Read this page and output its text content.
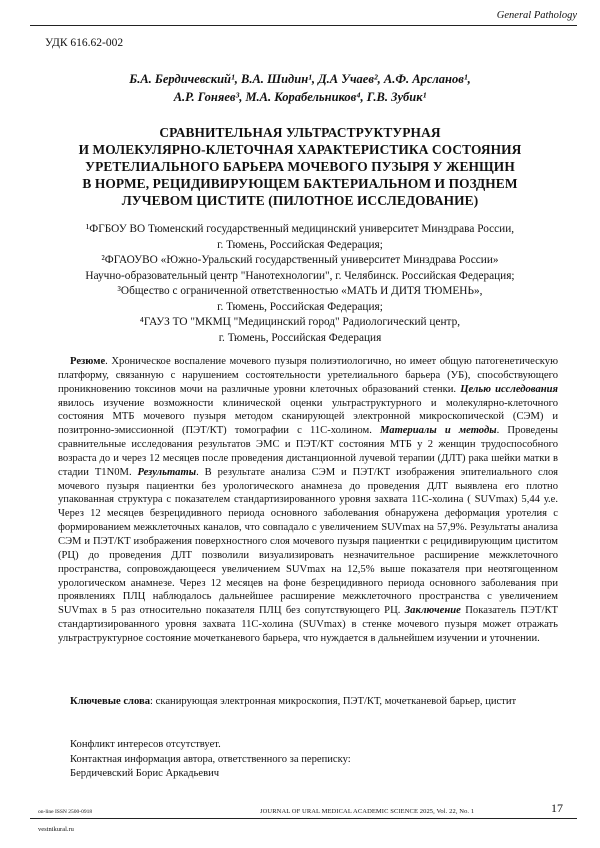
General Pathology
УДК 616.62-002
Б.А. Бердичевский¹, В.А. Шидин¹, Д.А Учаев², А.Ф. Арсланов¹,
А.Р. Гоняев³, М.А. Корабельников⁴, Г.В. Зубик¹
СРАВНИТЕЛЬНАЯ УЛЬТРАСТРУКТУРНАЯ
И МОЛЕКУЛЯРНО-КЛЕТОЧНАЯ ХАРАКТЕРИСТИКА СОСТОЯНИЯ
УРЕТЕЛИАЛЬНОГО БАРЬЕРА МОЧЕВОГО ПУЗЫРЯ У ЖЕНЩИН
В НОРМЕ, РЕЦИДИВИРУЮЩЕМ БАКТЕРИАЛЬНОМ И ПОЗДНЕМ
ЛУЧЕВОМ ЦИСТИТЕ (ПИЛОТНОЕ ИССЛЕДОВАНИЕ)
¹ФГБОУ ВО Тюменский государственный медицинский университет Минздрава России,
г. Тюмень, Российская Федерация;
²ФГАОУВО «Южно-Уральский государственный университет Минздрава России»
Научно-образовательный центр "Нанотехнологии", г. Челябинск. Российская Федерация;
³Общество с ограниченной ответственностью «МАТЬ И ДИТЯ ТЮМЕНЬ»,
г. Тюмень, Российская Федерация;
⁴ГАУЗ ТО "МКМЦ "Медицинский город" Радиологический центр,
г. Тюмень, Российская Федерация
Резюме. Хроническое воспаление мочевого пузыря полиэтиологично, но имеет общую патогенетическую платформу, связанную с нарушением состоятельности уретелиального барьера (УБ), способствующего проникновению токсинов мочи на различные уровни клеточных образований стенки. Целью исследования явилось изучение возможности клинической оценки ультраструктурного и молекулярно-клеточного состояния МТБ мочевого пузыря методом сканирующей электронной микроскопической (СЭМ) и позитронно-эмиссионной (ПЭТ/КТ) томографии с 11С-холином. Материалы и методы. Проведены сравнительные исследования результатов ЭМС и ПЭТ/КТ состояния МТБ у 2 женщин трудоспособного возраста до и через 12 месяцев после проведения дистанционной лучевой терапии (ДЛТ) рака шейки матки в стадии T1N0M. Результаты. В результате анализа СЭМ и ПЭТ/КТ изображения эпителиального слоя мочевого пузыря пациентки без урологического анамнеза до проведения ДЛТ выявлена его плотно упакованная структура с показателем стандартизированного уровня захвата 11С-холина ( SUVmax) 5,44 у.е. Через 12 месяцев безрецидивного периода основного заболевания обнаружена деформация уротелия с формированием межклеточных каналов, что совпадало с увеличением SUVmax на 57,9%. Результаты анализа СЭМ и ПЭТ/КТ изображения поверхностного слоя мочевого пузыря пациентки с рецидивирующим циститом (РЦ) до проведения ДЛТ позволили визуализировать незначительное расширение межклеточного пространства, сопровождающееся увеличением SUVmax на 12,5% выше показателя при неотягощенном урологическом анамнезе. Через 12 месяцев на фоне безрецидивного периода основного заболевания при проявлениях ПЛЦ наблюдалось дальнейшее расширение межклеточного пространства с увеличением SUVmax в 5 раз относительно показателя ПЛЦ без сопутствующего РЦ. Заключение Показатель ПЭТ/КТ стандартизированного уровня захвата 11С-холина (SUVmax) в стенке мочевого пузыря может отражать ультраструктурное состояние мочетканевого барьера, что нуждается в дальнейшем изучении и уточнении.
Ключевые слова: сканирующая электронная микроскопия, ПЭТ/КТ, мочетканевой барьер, цистит
Конфликт интересов отсутствует.
Контактная информация автора, ответственного за переписку:
Бердичевский Борис Аркадьевич
on-line ISSN 2500-0918
vestnikural.ru
JOURNAL OF URAL MEDICAL ACADEMIC SCIENCE 2025, Vol. 22, No. 1	17
